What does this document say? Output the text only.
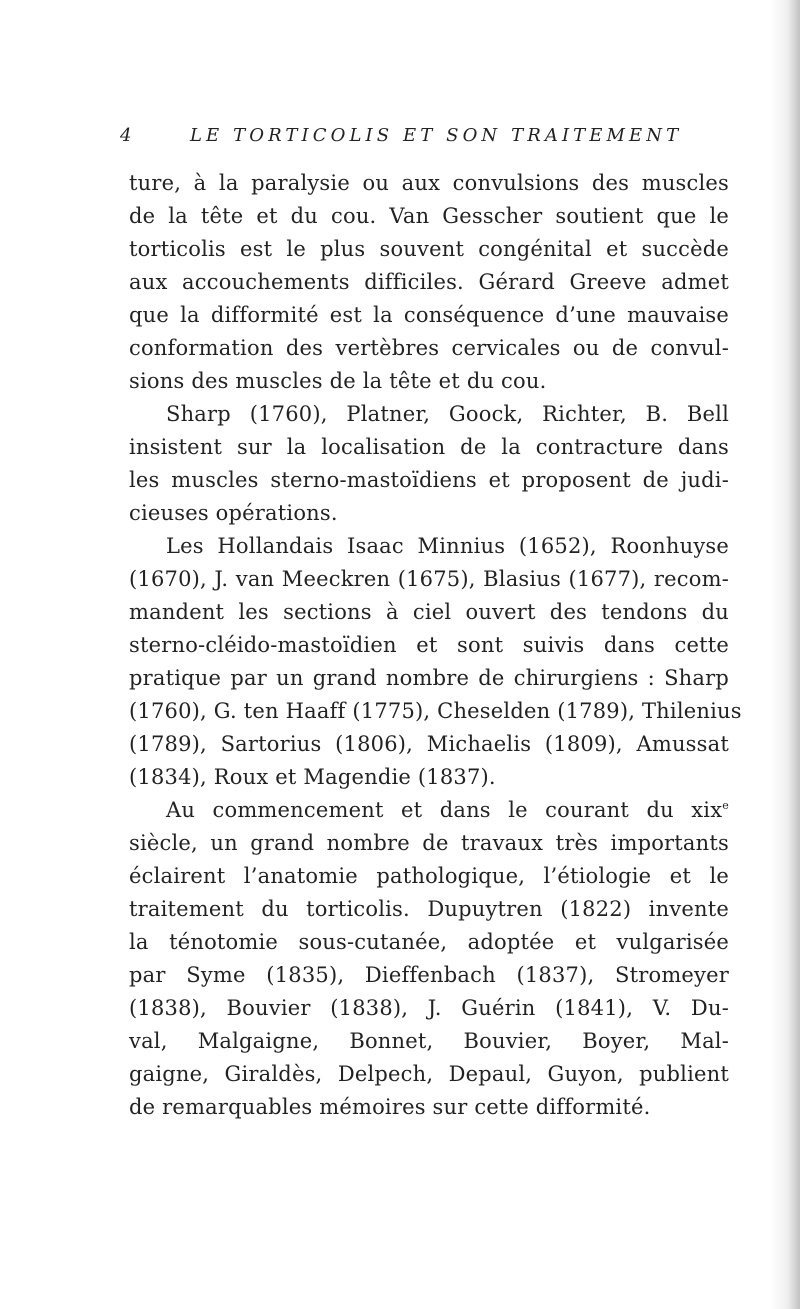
4	LE TORTICOLIS ET SON TRAITEMENT
ture, à la paralysie ou aux convulsions des muscles
de la tête et du cou. Van Gesscher soutient que le
torticolis est le plus souvent congénital et succède
aux accouchements difficiles. Gérard Greeve admet
que la difformité est la conséquence d’une mauvaise
conformation des vertèbres cervicales ou de convul-
sions des muscles de la tête et du cou.
Sharp (1760), Platner, Goock, Richter, B. Bell
insistent sur la localisation de la contracture dans
les muscles sterno-mastoïdiens et proposent de judi-
cieuses opérations.
Les Hollandais Isaac Minnius (1652), Roonhuyse
(1670), J. van Meeckren (1675), Blasius (1677), recom-
mandent les sections à ciel ouvert des tendons du
sterno-cléido-mastoïdien et sont suivis dans cette
pratique par un grand nombre de chirurgiens : Sharp
(1760), G. ten Haaff (1775), Cheselden (1789), Thilenius
(1789), Sartorius (1806), Michaelis (1809), Amussat
(1834), Roux et Magendie (1837).
Au commencement et dans le courant du xix$^e$
siècle, un grand nombre de travaux très importants
éclairent l’anatomie pathologique, l’étiologie et le
traitement du torticolis. Dupuytren (1822) invente
la ténotomie sous-cutanée, adoptée et vulgarisée
par Syme (1835), Dieffenbach (1837), Stromeyer
(1838), Bouvier (1838), J. Guérin (1841), V. Du-
val, Malgaigne, Bonnet, Bouvier, Boyer, Mal-
gaigne, Giraldès, Delpech, Depaul, Guyon, publient
de remarquables mémoires sur cette difformité.
